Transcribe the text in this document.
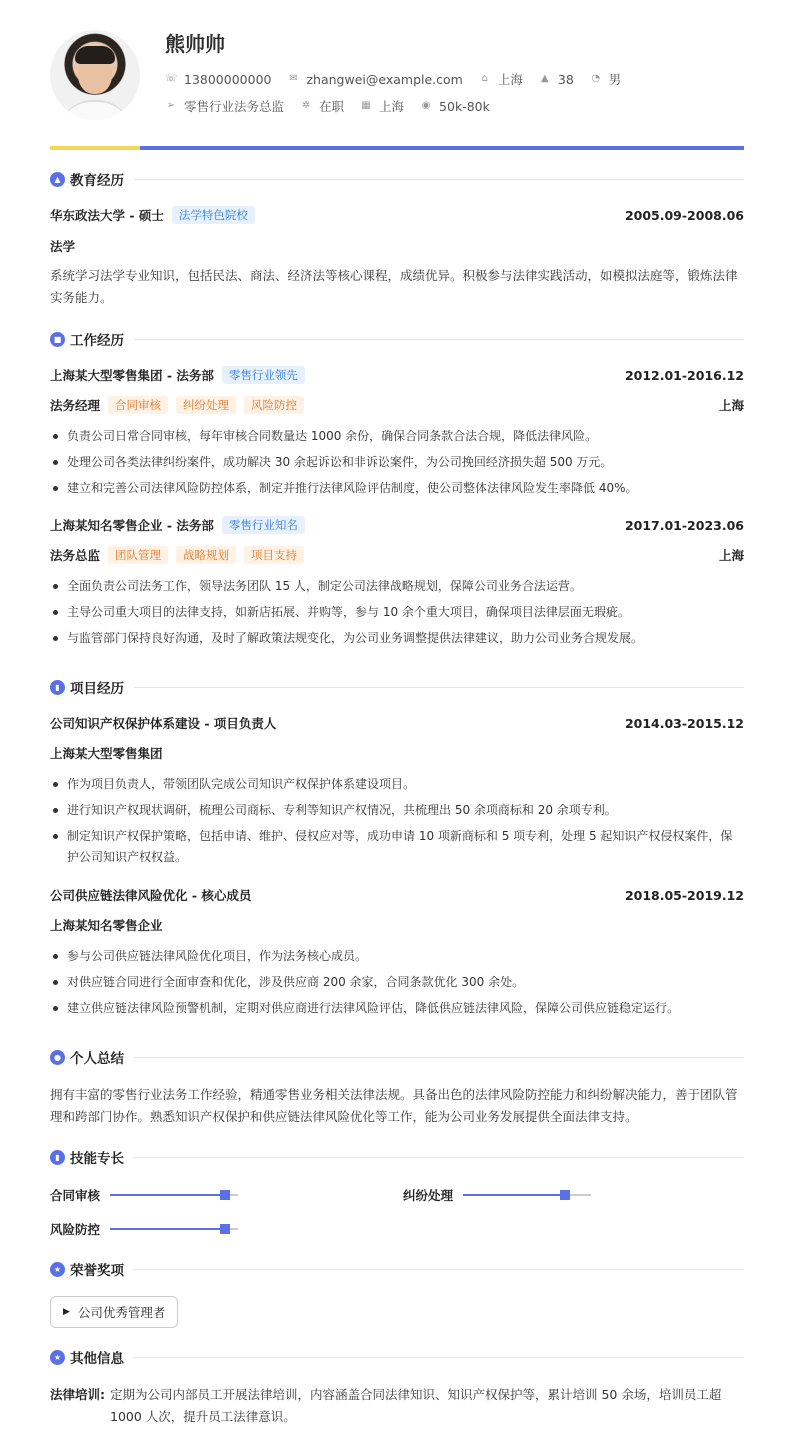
熊帅帅
☏ 13800000000 ✉ zhangwei@example.com ⌂ 上海 ▲ 38 ◔ 男
➢ 零售行业法务总监 ✲ 在职 ▦ 上海 ◉ 50k-80k
▲ 教育经历
华东政法大学 - 硕士	法学特色院校	2005.09-2008.06
法学
系统学习法学专业知识，包括民法、商法、经济法等核心课程，成绩优异。积极参与法律实践活动，如模拟法庭等，锻炼法律实务能力。
■ 工作经历
上海某大型零售集团 - 法务部	零售行业领先	2012.01-2016.12
法务经理	合同审核	纠纷处理	风险防控	上海
负责公司日常合同审核，每年审核合同数量达 1000 余份，确保合同条款合法合规，降低法律风险。
处理公司各类法律纠纷案件，成功解决 30 余起诉讼和非诉讼案件，为公司挽回经济损失超 500 万元。
建立和完善公司法律风险防控体系，制定并推行法律风险评估制度，使公司整体法律风险发生率降低 40%。
上海某知名零售企业 - 法务部	零售行业知名	2017.01-2023.06
法务总监	团队管理	战略规划	项目支持	上海
全面负责公司法务工作，领导法务团队 15 人，制定公司法律战略规划，保障公司业务合法运营。
主导公司重大项目的法律支持，如新店拓展、并购等，参与 10 余个重大项目，确保项目法律层面无瑕疵。
与监管部门保持良好沟通，及时了解政策法规变化，为公司业务调整提供法律建议，助力公司业务合规发展。
▮ 项目经历
公司知识产权保护体系建设 - 项目负责人	2014.03-2015.12
上海某大型零售集团
作为项目负责人，带领团队完成公司知识产权保护体系建设项目。
进行知识产权现状调研，梳理公司商标、专利等知识产权情况，共梳理出 50 余项商标和 20 余项专利。
制定知识产权保护策略，包括申请、维护、侵权应对等，成功申请 10 项新商标和 5 项专利，处理 5 起知识产权侵权案件，保护公司知识产权权益。
公司供应链法律风险优化 - 核心成员	2018.05-2019.12
上海某知名零售企业
参与公司供应链法律风险优化项目，作为法务核心成员。
对供应链合同进行全面审查和优化，涉及供应商 200 余家，合同条款优化 300 余处。
建立供应链法律风险预警机制，定期对供应商进行法律风险评估，降低供应链法律风险，保障公司供应链稳定运行。
● 个人总结
拥有丰富的零售行业法务工作经验，精通零售业务相关法律法规。具备出色的法律风险防控能力和纠纷解决能力，善于团队管理和跨部门协作。熟悉知识产权保护和供应链法律风险优化等工作，能为公司业务发展提供全面法律支持。
▮ 技能专长
合同审核	纠纷处理
风险防控
★ 荣誉奖项
▶ 公司优秀管理者
★ 其他信息
法律培训: 定期为公司内部员工开展法律培训，内容涵盖合同法律知识、知识产权保护等，累计培训 50 余场，培训员工超 1000 人次，提升员工法律意识。
